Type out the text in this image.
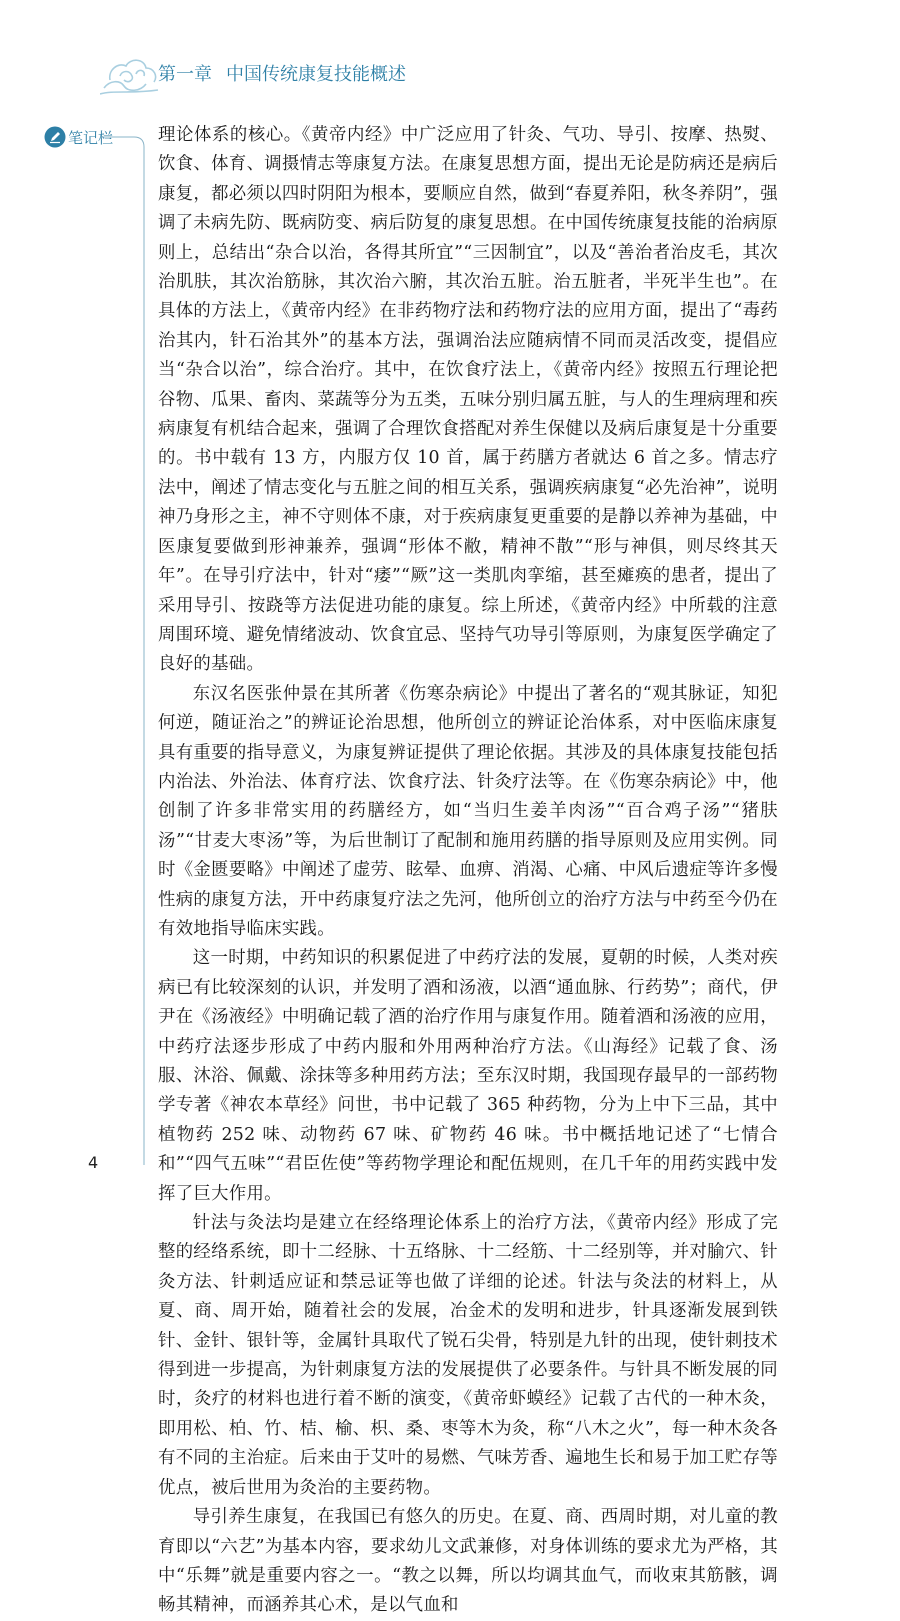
第一章 中国传统康复技能概述
笔记栏	理论体系的核心。《黄帝内经》中广泛应用了针灸、气功、导引、按摩、热熨、饮食、体育、调摄情志等康复方法。在康复思想方面，提出无论是防病还是病后康复，都必须以四时阴阳为根本，要顺应自然，做到“春夏养阳，秋冬养阴”，强调了未病先防、既病防变、病后防复的康复思想。在中国传统康复技能的治病原则上，总结出“杂合以治，各得其所宜”“三因制宜”，以及“善治者治皮毛，其次治肌肤，其次治筋脉，其次治六腑，其次治五脏。治五脏者，半死半生也”。在具体的方法上，《黄帝内经》在非药物疗法和药物疗法的应用方面，提出了“毒药治其内，针石治其外”的基本方法，强调治法应随病情不同而灵活改变，提倡应当“杂合以治”，综合治疗。其中，在饮食疗法上，《黄帝内经》按照五行理论把谷物、瓜果、畜肉、菜蔬等分为五类，五味分别归属五脏，与人的生理病理和疾病康复有机结合起来，强调了合理饮食搭配对养生保健以及病后康复是十分重要的。书中载有 13 方，内服方仅 10 首，属于药膳方者就达 6 首之多。情志疗法中，阐述了情志变化与五脏之间的相互关系，强调疾病康复“必先治神”，说明神乃身形之主，神不守则体不康，对于疾病康复更重要的是静以养神为基础，中医康复要做到形神兼养，强调“形体不敝，精神不散”“形与神俱，则尽终其天年”。在导引疗法中，针对“痿”“厥”这一类肌肉挛缩，甚至瘫痪的患者，提出了采用导引、按跷等方法促进功能的康复。综上所述，《黄帝内经》中所载的注意周围环境、避免情绪波动、饮食宜忌、坚持气功导引等原则，为康复医学确定了良好的基础。

东汉名医张仲景在其所著《伤寒杂病论》中提出了著名的“观其脉证，知犯何逆，随证治之”的辨证论治思想，他所创立的辨证论治体系，对中医临床康复具有重要的指导意义，为康复辨证提供了理论依据。其涉及的具体康复技能包括内治法、外治法、体育疗法、饮食疗法、针灸疗法等。在《伤寒杂病论》中，他创制了许多非常实用的药膳经方，如“当归生姜羊肉汤”“百合鸡子汤”“猪肤汤”“甘麦大枣汤”等，为后世制订了配制和施用药膳的指导原则及应用实例。同时《金匮要略》中阐述了虚劳、眩晕、血痹、消渴、心痛、中风后遗症等许多慢性病的康复方法，开中药康复疗法之先河，他所创立的治疗方法与中药至今仍在有效地指导临床实践。

这一时期，中药知识的积累促进了中药疗法的发展，夏朝的时候，人类对疾病已有比较深刻的认识，并发明了酒和汤液，以酒“通血脉、行药势”；商代，伊尹在《汤液经》中明确记载了酒的治疗作用与康复作用。随着酒和汤液的应用，中药疗法逐步形成了中药内服和外用两种治疗方法。《山海经》记载了食、汤服、沐浴、佩戴、涂抹等多种用药方法；至东汉时期，我国现存最早的一部药物学专著《神农本草经》问世，书中记载了 365 种药物，分为上中下三品，其中植物药 252 味、动物药 67 味、矿物药 46 味。书中概括地记述了“七情合和”“四气五味”“君臣佐使”等药物学理论和配伍规则，在几千年的用药实践中发挥了巨大作用。

针法与灸法均是建立在经络理论体系上的治疗方法，《黄帝内经》形成了完整的经络系统，即十二经脉、十五络脉、十二经筋、十二经别等，并对腧穴、针灸方法、针刺适应证和禁忌证等也做了详细的论述。针法与灸法的材料上，从夏、商、周开始，随着社会的发展，冶金术的发明和进步，针具逐渐发展到铁针、金针、银针等，金属针具取代了锐石尖骨，特别是九针的出现，使针刺技术得到进一步提高，为针刺康复方法的发展提供了必要条件。与针具不断发展的同时，灸疗的材料也进行着不断的演变，《黄帝虾蟆经》记载了古代的一种木灸，即用松、柏、竹、桔、榆、枳、桑、枣等木为灸，称“八木之火”，每一种木灸各有不同的主治症。后来由于艾叶的易燃、气味芳香、遍地生长和易于加工贮存等优点，被后世用为灸治的主要药物。

导引养生康复，在我国已有悠久的历史。在夏、商、西周时期，对儿童的教育即以“六艺”为基本内容，要求幼儿文武兼修，对身体训练的要求尤为严格，其中“乐舞”就是重要内容之一。“教之以舞，所以均调其血气，而收束其筋骸，调畅其精神，而涵养其心术，是以气血和

4
